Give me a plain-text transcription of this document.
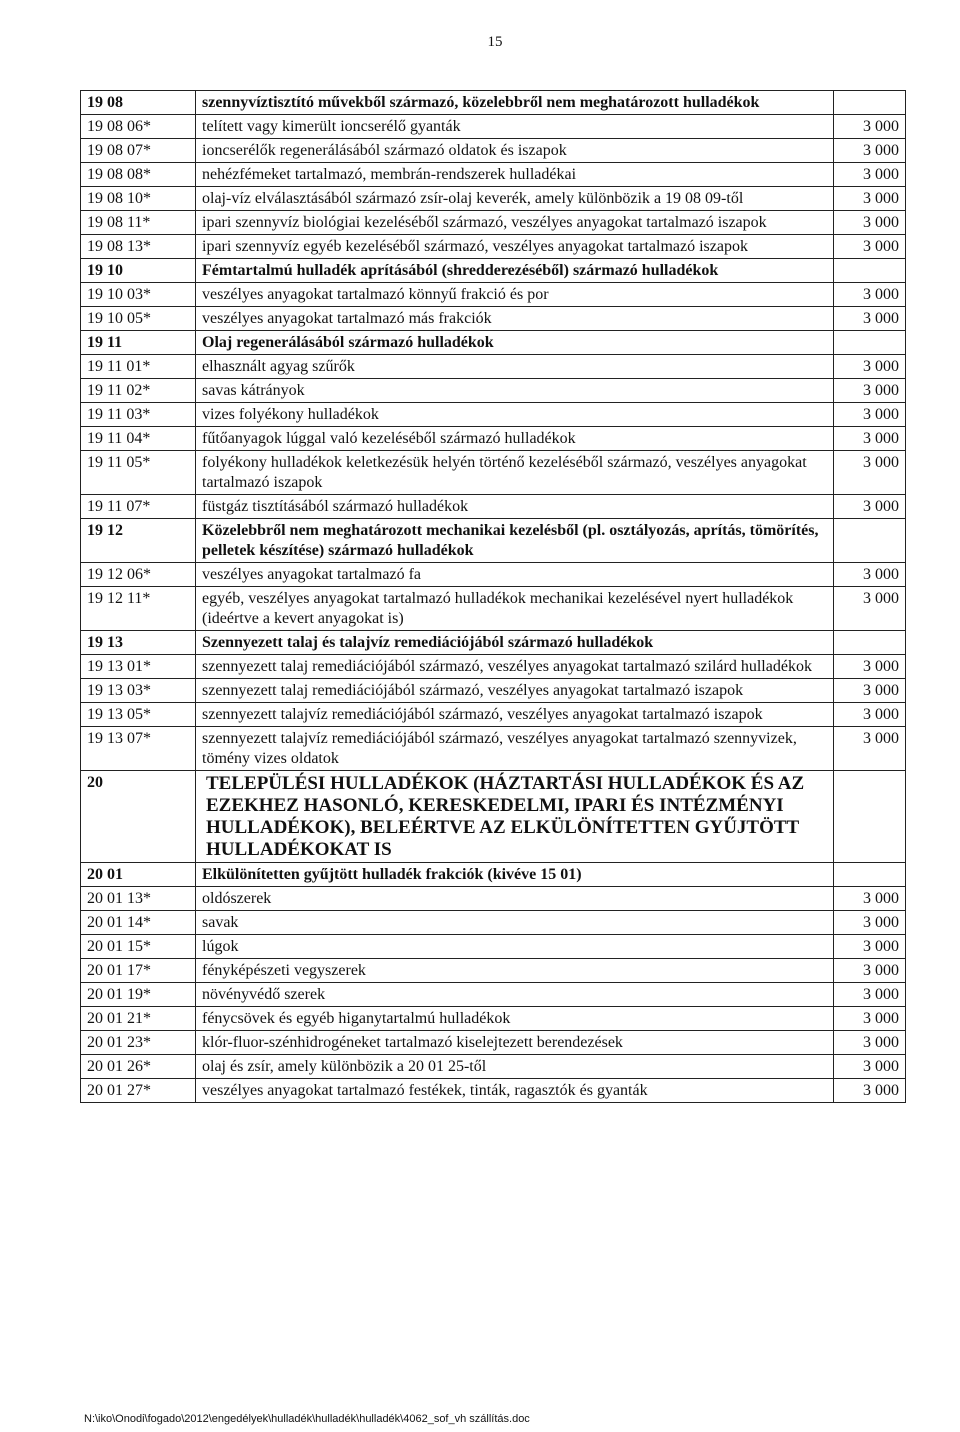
15
19 08	szennyvíztisztító művekből származó, közelebbről nem meghatározott hulladékok	
19 08 06*	telített vagy kimerült ioncserélő gyanták	3 000
19 08 07*	ioncserélők regenerálásából származó oldatok és iszapok	3 000
19 08 08*	nehézfémeket tartalmazó, membrán-rendszerek hulladékai	3 000
19 08 10*	olaj-víz elválasztásából származó zsír-olaj keverék, amely különbözik a 19 08 09-től	3 000
19 08 11*	ipari szennyvíz biológiai kezeléséből származó, veszélyes anyagokat tartalmazó iszapok	3 000
19 08 13*	ipari szennyvíz egyéb kezeléséből származó, veszélyes anyagokat tartalmazó iszapok	3 000
19 10	Fémtartalmú hulladék aprításából (shredderezéséből) származó hulladékok	
19 10 03*	veszélyes anyagokat tartalmazó könnyű frakció és por	3 000
19 10 05*	veszélyes anyagokat tartalmazó más frakciók	3 000
19 11	Olaj regenerálásából származó hulladékok	
19 11 01*	elhasznált agyag szűrők	3 000
19 11 02*	savas kátrányok	3 000
19 11 03*	vizes folyékony hulladékok	3 000
19 11 04*	fűtőanyagok lúggal való kezeléséből származó hulladékok	3 000
19 11 05*	folyékony hulladékok keletkezésük helyén történő kezeléséből származó, veszélyes anyagokat tartalmazó iszapok	3 000
19 11 07*	füstgáz tisztításából származó hulladékok	3 000
19 12	Közelebbről nem meghatározott mechanikai kezelésből (pl. osztályozás, aprítás, tömörítés, pelletek készítése) származó hulladékok	
19 12 06*	veszélyes anyagokat tartalmazó fa	3 000
19 12 11*	egyéb, veszélyes anyagokat tartalmazó hulladékok mechanikai kezelésével nyert hulladékok (ideértve a kevert anyagokat is)	3 000
19 13	Szennyezett talaj és talajvíz remediációjából származó hulladékok	
19 13 01*	szennyezett talaj remediációjából származó, veszélyes anyagokat tartalmazó szilárd hulladékok	3 000
19 13 03*	szennyezett talaj remediációjából származó, veszélyes anyagokat tartalmazó iszapok	3 000
19 13 05*	szennyezett talajvíz remediációjából származó, veszélyes anyagokat tartalmazó iszapok	3 000
19 13 07*	szennyezett talajvíz remediációjából származó, veszélyes anyagokat tartalmazó szennyvizek, tömény vizes oldatok	3 000
20	TELEPÜLÉSI HULLADÉKOK (HÁZTARTÁSI HULLADÉKOK ÉS AZ EZEKHEZ HASONLÓ, KERESKEDELMI, IPARI ÉS INTÉZMÉNYI HULLADÉKOK), BELEÉRTVE AZ ELKÜLÖNÍTETTEN GYŰJTÖTT HULLADÉKOKAT IS	
20 01	Elkülönítetten gyűjtött hulladék frakciók (kivéve 15 01)	
20 01 13*	oldószerek	3 000
20 01 14*	savak	3 000
20 01 15*	lúgok	3 000
20 01 17*	fényképészeti vegyszerek	3 000
20 01 19*	növényvédő szerek	3 000
20 01 21*	fénycsövek és egyéb higanytartalmú hulladékok	3 000
20 01 23*	klór-fluor-szénhidrogéneket tartalmazó kiselejtezett berendezések	3 000
20 01 26*	olaj és zsír, amely különbözik a 20 01 25-től	3 000
20 01 27*	veszélyes anyagokat tartalmazó festékek, tinták, ragasztók és gyanták	3 000
N:\iko\Onodi\fogado\2012\engedélyek\hulladék\hulladék\hulladék\4062_sof_vh szállítás.doc
